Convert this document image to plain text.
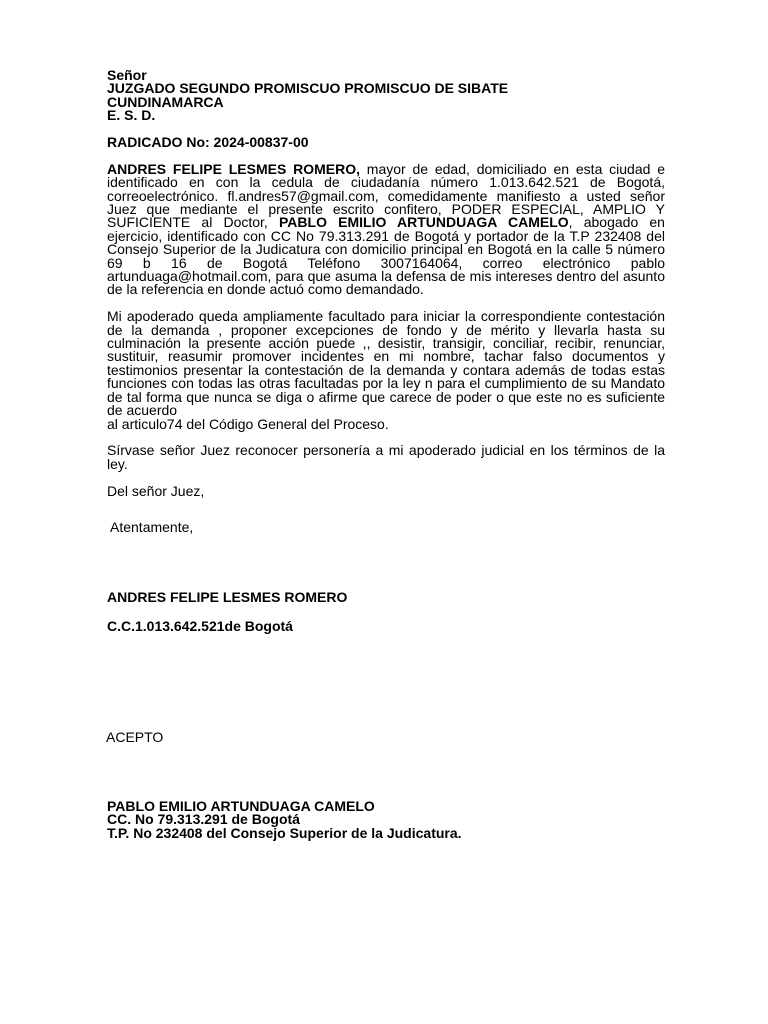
Señor

JUZGADO SEGUNDO PROMISCUO PROMISCUO DE SIBATE

CUNDINAMARCA

E. S. D.

RADICADO No: 2024-00837-00

ANDRES FELIPE LESMES ROMERO, mayor de edad, domiciliado en esta ciudad e identificado en con la cedula de ciudadanía número 1.013.642.521 de Bogotá, correoelectrónico. fl.andres57@gmail.com, comedidamente manifiesto a usted señor Juez que mediante el presente escrito confitero, PODER ESPECIAL, AMPLIO Y SUFICIENTE al Doctor, PABLO EMILIO ARTUNDUAGA CAMELO, abogado en ejercicio, identificado con CC No 79.313.291 de Bogotá y portador de la T.P 232408 del Consejo Superior de la Judicatura con domicilio principal en Bogotá en la calle 5 número 69 b 16 de Bogotá Teléfono 3007164064, correo electrónico pablo artunduaga@hotmail.com, para que asuma la defensa de mis intereses dentro del asunto de la referencia en donde actuó como demandado.

Mi apoderado queda ampliamente facultado para iniciar la correspondiente contestación de la demanda , proponer excepciones de fondo y de mérito y llevarla hasta su culminación la presente acción puede ,, desistir, transigir, conciliar, recibir, renunciar, sustituir, reasumir promover incidentes en mi nombre, tachar falso documentos y testimonios presentar la contestación de la demanda y contara además de todas estas funciones con todas las otras facultadas por la ley n para el cumplimiento de su Mandato de tal forma que nunca se diga o afirme que carece de poder o que este no es suficiente de acuerdo

al articulo74 del Código General del Proceso.

Sírvase señor Juez reconocer personería a mi apoderado judicial en los términos de la ley.

Del señor Juez,

Atentamente,
ANDRES FELIPE LESMES ROMERO
C.C.1.013.642.521de Bogotá
ACEPTO
PABLO EMILIO ARTUNDUAGA CAMELO
CC. No 79.313.291 de Bogotá
T.P. No 232408 del Consejo Superior de la Judicatura.
